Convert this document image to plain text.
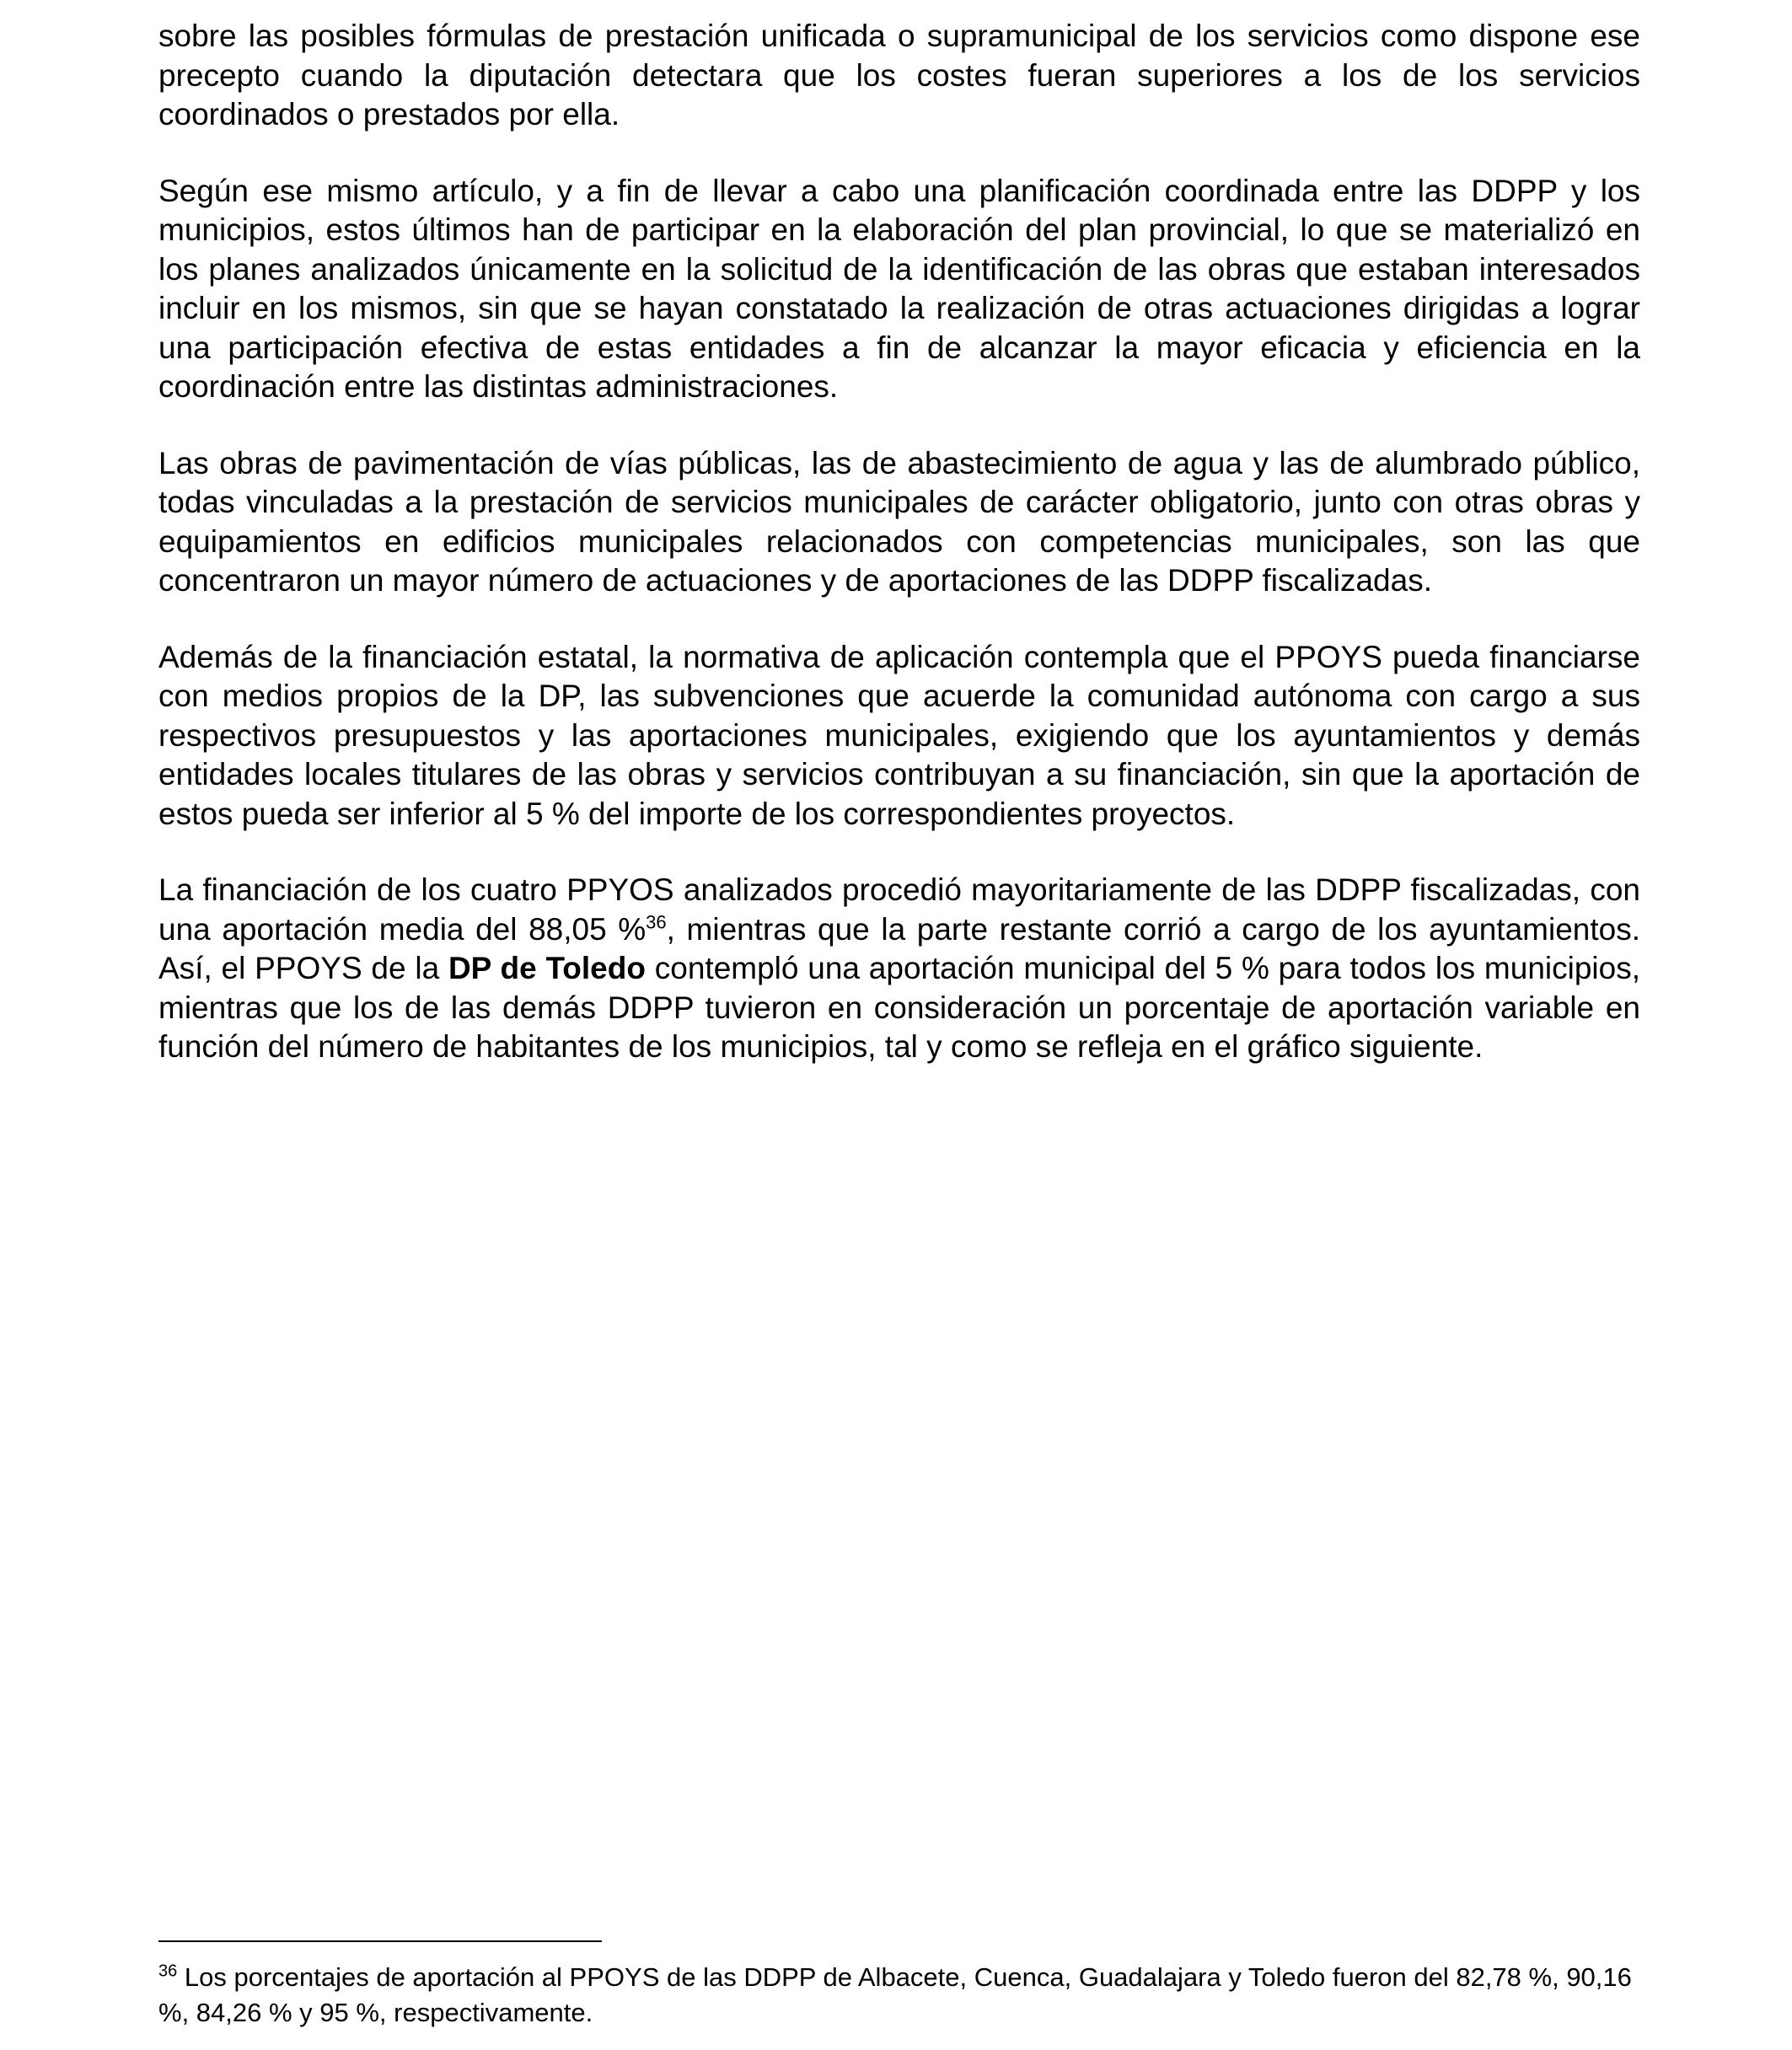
sobre las posibles fórmulas de prestación unificada o supramunicipal de los servicios como dispone ese precepto cuando la diputación detectara que los costes fueran superiores a los de los servicios coordinados o prestados por ella.

Según ese mismo artículo, y a fin de llevar a cabo una planificación coordinada entre las DDPP y los municipios, estos últimos han de participar en la elaboración del plan provincial, lo que se materializó en los planes analizados únicamente en la solicitud de la identificación de las obras que estaban interesados incluir en los mismos, sin que se hayan constatado la realización de otras actuaciones dirigidas a lograr una participación efectiva de estas entidades a fin de alcanzar la mayor eficacia y eficiencia en la coordinación entre las distintas administraciones.

Las obras de pavimentación de vías públicas, las de abastecimiento de agua y las de alumbrado público, todas vinculadas a la prestación de servicios municipales de carácter obligatorio, junto con otras obras y equipamientos en edificios municipales relacionados con competencias municipales, son las que concentraron un mayor número de actuaciones y de aportaciones de las DDPP fiscalizadas.

Además de la financiación estatal, la normativa de aplicación contempla que el PPOYS pueda financiarse con medios propios de la DP, las subvenciones que acuerde la comunidad autónoma con cargo a sus respectivos presupuestos y las aportaciones municipales, exigiendo que los ayuntamientos y demás entidades locales titulares de las obras y servicios contribuyan a su financiación, sin que la aportación de estos pueda ser inferior al 5 % del importe de los correspondientes proyectos.

La financiación de los cuatro PPYOS analizados procedió mayoritariamente de las DDPP fiscalizadas, con una aportación media del 88,05 %$^{36}$, mientras que la parte restante corrió a cargo de los ayuntamientos. Así, el PPOYS de la DP de Toledo contempló una aportación municipal del 5 % para todos los municipios, mientras que los de las demás DDPP tuvieron en consideración un porcentaje de aportación variable en función del número de habitantes de los municipios, tal y como se refleja en el gráfico siguiente.

$^{36}$ Los porcentajes de aportación al PPOYS de las DDPP de Albacete, Cuenca, Guadalajara y Toledo fueron del 82,78 %, 90,16 %, 84,26 % y 95 %, respectivamente.
